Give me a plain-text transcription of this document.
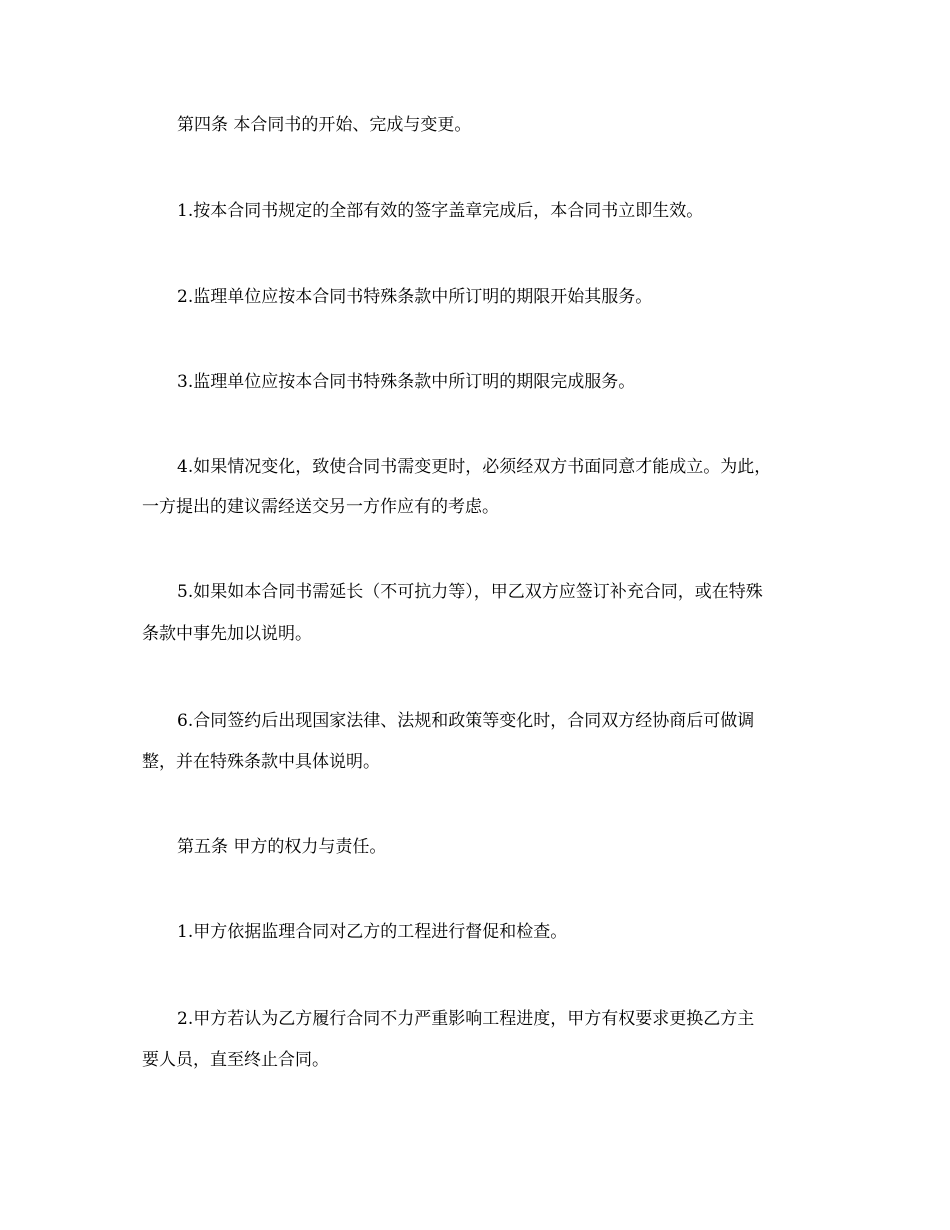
第四条 本合同书的开始、完成与变更。

1.按本合同书规定的全部有效的签字盖章完成后，本合同书立即生效。

2.监理单位应按本合同书特殊条款中所订明的期限开始其服务。

3.监理单位应按本合同书特殊条款中所订明的期限完成服务。

4.如果情况变化，致使合同书需变更时，必须经双方书面同意才能成立。为此，

一方提出的建议需经送交另一方作应有的考虑。

5.如果如本合同书需延长（不可抗力等），甲乙双方应签订补充合同，或在特殊

条款中事先加以说明。

6.合同签约后出现国家法律、法规和政策等变化时，合同双方经协商后可做调

整，并在特殊条款中具体说明。

第五条 甲方的权力与责任。

1.甲方依据监理合同对乙方的工程进行督促和检查。

2.甲方若认为乙方履行合同不力严重影响工程进度，甲方有权要求更换乙方主

要人员，直至终止合同。
